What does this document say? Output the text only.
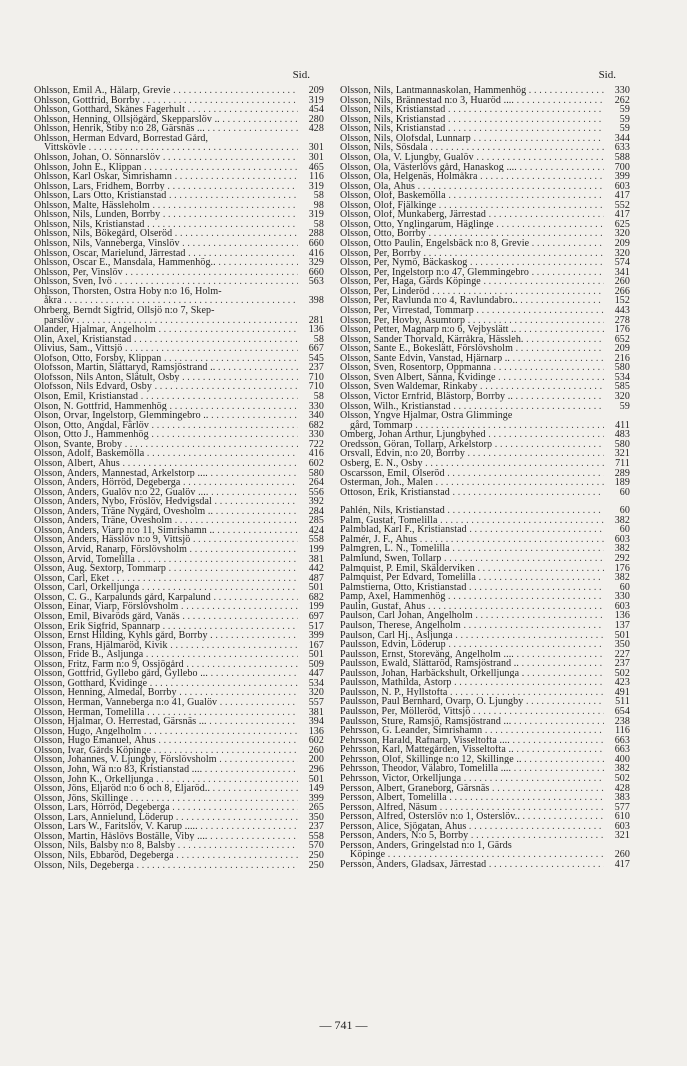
Sid.
Ohlsson, Emil A., Hålarp, Grevie . . .	209
Ohlsson, Gottfrid, Borrby . . .	319
Ohlsson, Gotthard, Skånes Fagerhult . . .	454
Ohlsson, Henning, Öllsjögård, Skepparslöv .. . . .	280
Ohlsson, Henrik, Stiby n:o 28, Gärsnäs ... . . .	428
Ohlsson, Herman Edvard, Borrestad Gård,
Vittskövle . . .	301
Ohlsson, Johan, Ö. Sönnarslöv . . .	301
Ohlsson, John E., Klippan . . .	465
Ohlsson, Karl Oskar, Simrishamn . . .	116
Ohlsson, Lars, Fridhem, Borrby . . .	319
Ohlsson, Lars Otto, Kristianstad . . .	58
Ohlsson, Malte, Hässleholm . . .	98
Ohlsson, Nils, Lunden, Borrby . . .	319
Ohlsson, Nils, Kristianstad . . .	58
Ohlsson, Nils, Bökegård, Olseröd . . .	288
Ohlsson, Nils, Vanneberga, Vinslöv . . .	660
Ohlsson, Oscar, Marielund, Järrestad . . .	416
Ohlsson, Oscar E., Mansdala, Hammenhög.. . . .	329
Ohlsson, Per, Vinslöv . . .	660
Ohlsson, Sven, Ivö . . .	563
Ohlsson, Thorsten, Östra Hoby n:o 16, Holm-
åkra . . .	398
Ohrberg, Berndt Sigfrid, Öllsjö n:o 7, Skep-
parslöv . . .	281
Olander, Hjalmar, Ängelholm . . .	136
Olin, Axel, Kristianstad . . .	58
Olivius, Sam., Vittsjö . . .	667
Olofson, Otto, Forsby, Klippan . . .	545
Olofsson, Martin, Slättaryd, Ramsjöstrand .. . . .	237
Olofsson, Nils Anton, Slätult, Osby . . .	710
Olofsson, Nils Edvard, Osby . . .	710
Olson, Emil, Kristianstad . . .	58
Olson, N. Gottfrid, Hammenhög . . .	330
Olson, Orvar, Ingelstorp, Glemmingebro .. . . .	340
Olson, Otto, Ängdal, Färlöv . . .	682
Olson, Otto J., Hammenhög . . .	330
Olson, Svante, Broby . . .	722
Olsson, Adolf, Baskemölla . . .	416
Olsson, Albert, Åhus . . .	602
Olsson, Anders, Mannestad, Arkelstorp .... . . .	580
Olsson, Anders, Hörröd, Degeberga . . .	264
Olsson, Anders, Gualöv n:o 22, Gualöv .... . . .	556
Olsson, Anders, Nybo, Fröslöv, Hedvigsdal . . .	392
Olsson, Anders, Träne Nygård, Ovesholm .. . . .	284
Olsson, Anders, Träne, Ovesholm . . .	285
Olsson, Anders, Viarp n:o 11, Simrishamn .. . . .	424
Olsson, Anders, Hässlöv n:o 9, Vittsjö . . .	558
Olsson, Arvid, Ranarp, Förslövsholm . . .	199
Olsson, Arvid, Tomelilla . . .	381
Olsson, Aug. Sextorp, Tommarp . . .	442
Olsson, Carl, Eket . . .	487
Olsson, Carl, Örkelljunga . . .	501
Olsson, C. G., Karpalunds gård, Karpalund . . .	682
Olsson, Einar, Viarp, Förslövsholm . . .	199
Olsson, Emil, Bivaröds gård, Vanås . . .	697
Olsson, Erik Sigfrid, Spannarp . . .	517
Olsson, Ernst Hilding, Kyhls gård, Borrby . . . .	399
Olsson, Frans, Hjälmaröd, Kivik . . .	167
Olsson, Fride B., Åsljunga . . .	501
Olsson, Fritz, Farm n:o 9, Össjögård . . .	509
Olsson, Gottfrid, Gyllebo gård, Gyllebo ... . . .	447
Olsson, Gotthard, Kvidinge . . .	534
Olsson, Henning, Almedal, Borrby . . .	320
Olsson, Herman, Vanneberga n:o 41, Gualöv . . .	557
Olsson, Herman, Tomelilla . . .	381
Olsson, Hjalmar, Ö. Herrestad, Gärsnäs ... . . .	394
Olsson, Hugo, Ängelholm . . .	136
Olsson, Hugo Emanuel, Åhus . . .	602
Olsson, Ivar, Gårds Köpinge . . .	260
Olsson, Johannes, V. Ljungby, Förslövsholm . . .	200
Olsson, John, Wä n:o 83, Kristianstad .... . . .	296
Olsson, John K., Örkelljunga . . .	501
Olsson, Jöns, Eljaröd n:o 6 och 8, Eljaröd.. . . .	149
Olsson, Jöns, Skillinge . . .	399
Olsson, Lars, Hörröd, Degeberga . . .	265
Olsson, Lars, Annielund, Löderup . . .	350
Olsson, Lars W., Faritslöv, V. Karup ..... . . .	237
Olsson, Martin, Håslövs Boställe, Viby .... . . .	558
Olsson, Nils, Balsby n:o 8, Balsby . . .	570
Olsson, Nils, Ebbaröd, Degeberga . . .	250
Olsson, Nils, Degeberga . . .	250
Sid.
Olsson, Nils, Lantmannaskolan, Hammenhög . . .	330
Olsson, Nils, Brännestad n:o 3, Huaröd .... . . .	262
Olsson, Nils, Kristianstad . . .	59
Olsson, Nils, Kristianstad . . .	59
Olsson, Nils, Kristianstad . . .	59
Olsson, Nils, Olofsdal, Lunnarp . . .	344
Olsson, Nils, Sösdala . . .	633
Olsson, Ola, V. Ljungby, Gualöv . . .	588
Olsson, Ola, Västerlövs gård, Hanaskog .... . . .	700
Olsson, Ola, Helgenäs, Holmåkra . . .	399
Olsson, Ola, Åhus . . .	603
Olsson, Olof, Baskemölla . . .	417
Olsson, Olof, Fjälkinge . . .	552
Olsson, Olof, Munkaberg, Järrestad . . .	417
Olsson, Otto, Ynglingarum, Häglinge . . .	625
Olsson, Otto, Borrby . . .	320
Olsson, Otto Paulin, Engelsbäck n:o 8, Grevie . . .	209
Olsson, Per, Borrby . . .	320
Olsson, Per, Nymö, Bäckaskog . . .	574
Olsson, Per, Ingelstorp n:o 47, Glemmingebro . . .	341
Olsson, Per, Haga, Gärds Köpinge . . .	260
Olsson, Per, Linderöd . . .	266
Olsson, Per, Ravlunda n:o 4, Ravlundabro.. . . .	152
Olsson, Per, Virrestad, Tommarp . . .	443
Olsson, Per, Hovby, Åsumtorp . . .	278
Olsson, Petter, Magnarp n:o 6, Vejbyslätt .. . . .	176
Olsson, Sander Thorvald, Kärråkra, Hässleh. . . .	652
Olsson, Sante E., Bokeslätt, Förslövsholm . . .	209
Olsson, Sante Edvin, Vanstad, Hjärnarp .. . . .	216
Olsson, Sven, Rosentorp, Oppmanna . . .	580
Olsson, Sven Albert, Sånna, Kvidinge . . .	534
Olsson, Sven Waldemar, Rinkaby . . .	585
Olsson, Victor Ernfrid, Blästorp, Borrby .. . . .	320
Olsson, Wilh., Kristianstad . . .	59
Olsson, Yngve Hjalmar, Östra Glimminge
gård, Tommarp . . .	411
Omberg, Johan Arthur, Ljungbyhed . . .	483
Oredsson, Göran, Tollarp, Arkelstorp . . .	580
Orsvall, Edvin, n:o 20, Borrby . . .	321
Osberg, E. N., Osby . . .	711
Oscarsson, Emil, Olseröd . . .	289
Osterman, Joh., Malen . . .	189
Ottoson, Erik, Kristianstad . . .	60
Pahlén, Nils, Kristianstad . . .	60
Palm, Gustaf, Tomelilla . . .	382
Palmblad, Karl F., Kristianstad . . .	60
Palmér, J. F., Åhus . . .	603
Palmgren, L. N., Tomelilla . . .	382
Palmlund, Swen, Tollarp . . .	292
Palmquist, P. Emil, Skälderviken . . .	176
Palmquist, Per Edvard, Tomelilla . . .	382
Palmstierna, Otto, Kristianstad . . .	60
Pamp, Axel, Hammenhög . . .	330
Paulin, Gustaf, Åhus . . .	603
Paulson, Carl Johan, Ängelholm . . .	136
Paulson, Therese, Ängelholm . . .	137
Paulson, Carl Hj., Åsljunga . . .	501
Paulsson, Edvin, Löderup . . .	350
Paulsson, Ernst, Storevång, Ängelholm .... . . .	227
Paulsson, Ewald, Slättaröd, Ramsjöstrand .. . . .	237
Paulsson, Johan, Harbäckshult, Örkelljunga . . . .	502
Paulsson, Mathilda, Åstorp . . .	423
Paulsson, N. P., Hyllstofta . . .	491
Paulsson, Paul Bernhard, Övarp, Ö. Ljungby . . .	511
Paulsson, Per, Mölleröd, Vittsjö . . .	654
Paulsson, Sture, Ramsjö, Ramsjöstrand ... . . .	238
Pehrsson, G. Leander, Simrishamn . . .	116
Pehrsson, Harald, Rafnarp, Visseltofta .... . . .	663
Pehrsson, Karl, Mattegården, Visseltofta .. . . .	663
Pehrsson, Olof, Skillinge n:o 12, Skillinge .. . . .	400
Pehrsson, Theodor, Välabro, Tomelilla .... . . .	382
Pehrsson, Victor, Örkelljunga . . .	502
Persson, Albert, Graneborg, Gärsnäs . . .	428
Persson, Albert, Tomelilla . . .	383
Persson, Alfred, Näsum . . .	577
Persson, Alfred, Österslöv n:o 1, Österslöv.. . . .	610
Persson, Alice, Sjögatan, Åhus . . .	603
Persson, Anders, N:o 5, Borrby . . .	321
Persson, Anders, Gringelstad n:o 1, Gärds
Köpinge . . .	260
Persson, Anders, Gladsax, Järrestad . . .	417
— 741 —
